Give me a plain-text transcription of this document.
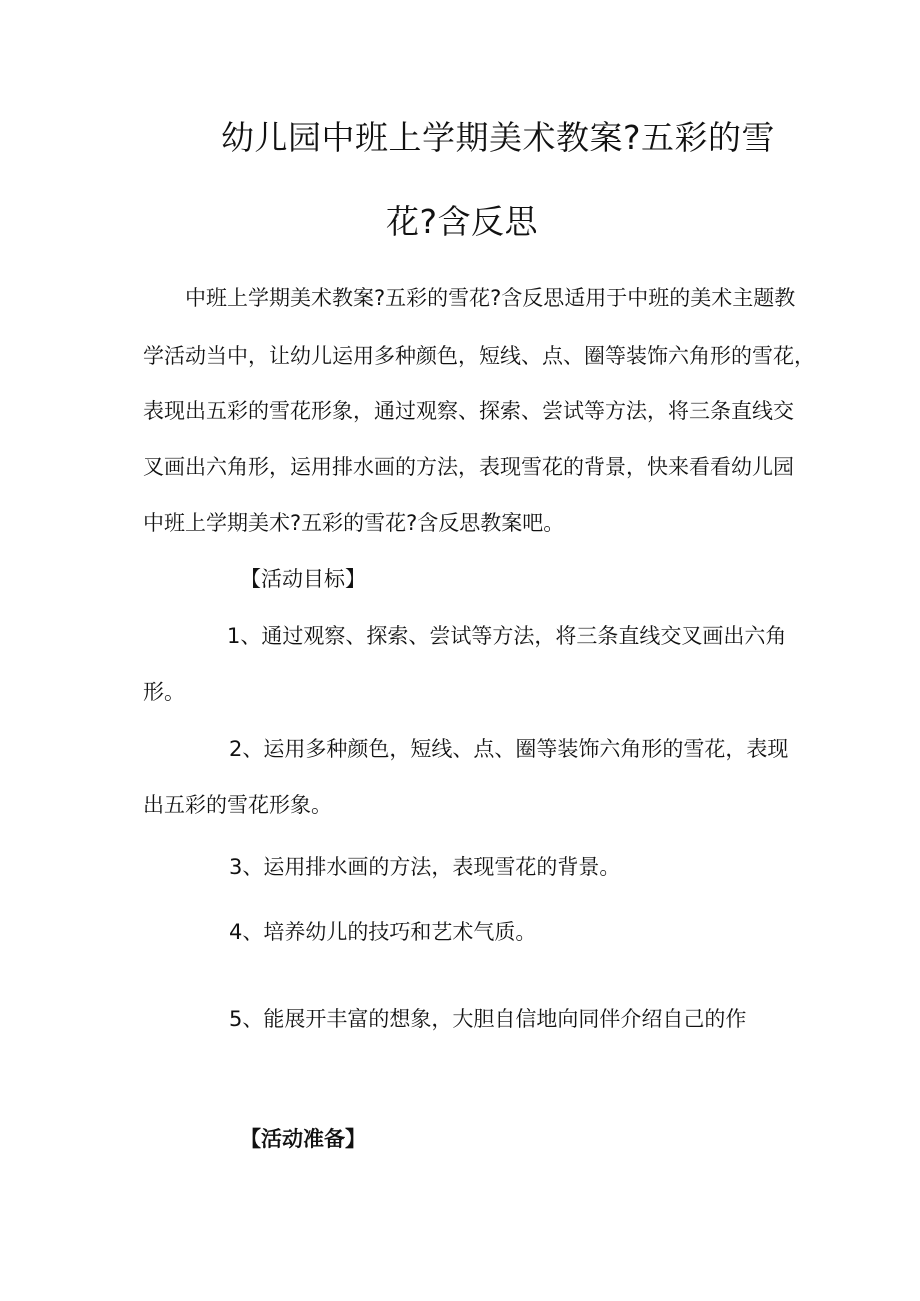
幼儿园中班上学期美术教案?五彩的雪
花?含反思
中班上学期美术教案?五彩的雪花?含反思适用于中班的美术主题教
学活动当中，让幼儿运用多种颜色，短线、点、圈等装饰六角形的雪花，
表现出五彩的雪花形象，通过观察、探索、尝试等方法，将三条直线交
叉画出六角形，运用排水画的方法，表现雪花的背景，快来看看幼儿园
中班上学期美术?五彩的雪花?含反思教案吧。
【活动目标】
1、通过观察、探索、尝试等方法，将三条直线交叉画出六角
形。
2、运用多种颜色，短线、点、圈等装饰六角形的雪花，表现
出五彩的雪花形象。
3、运用排水画的方法，表现雪花的背景。
4、培养幼儿的技巧和艺术气质。
5、能展开丰富的想象，大胆自信地向同伴介绍自己的作
【活动准备】
